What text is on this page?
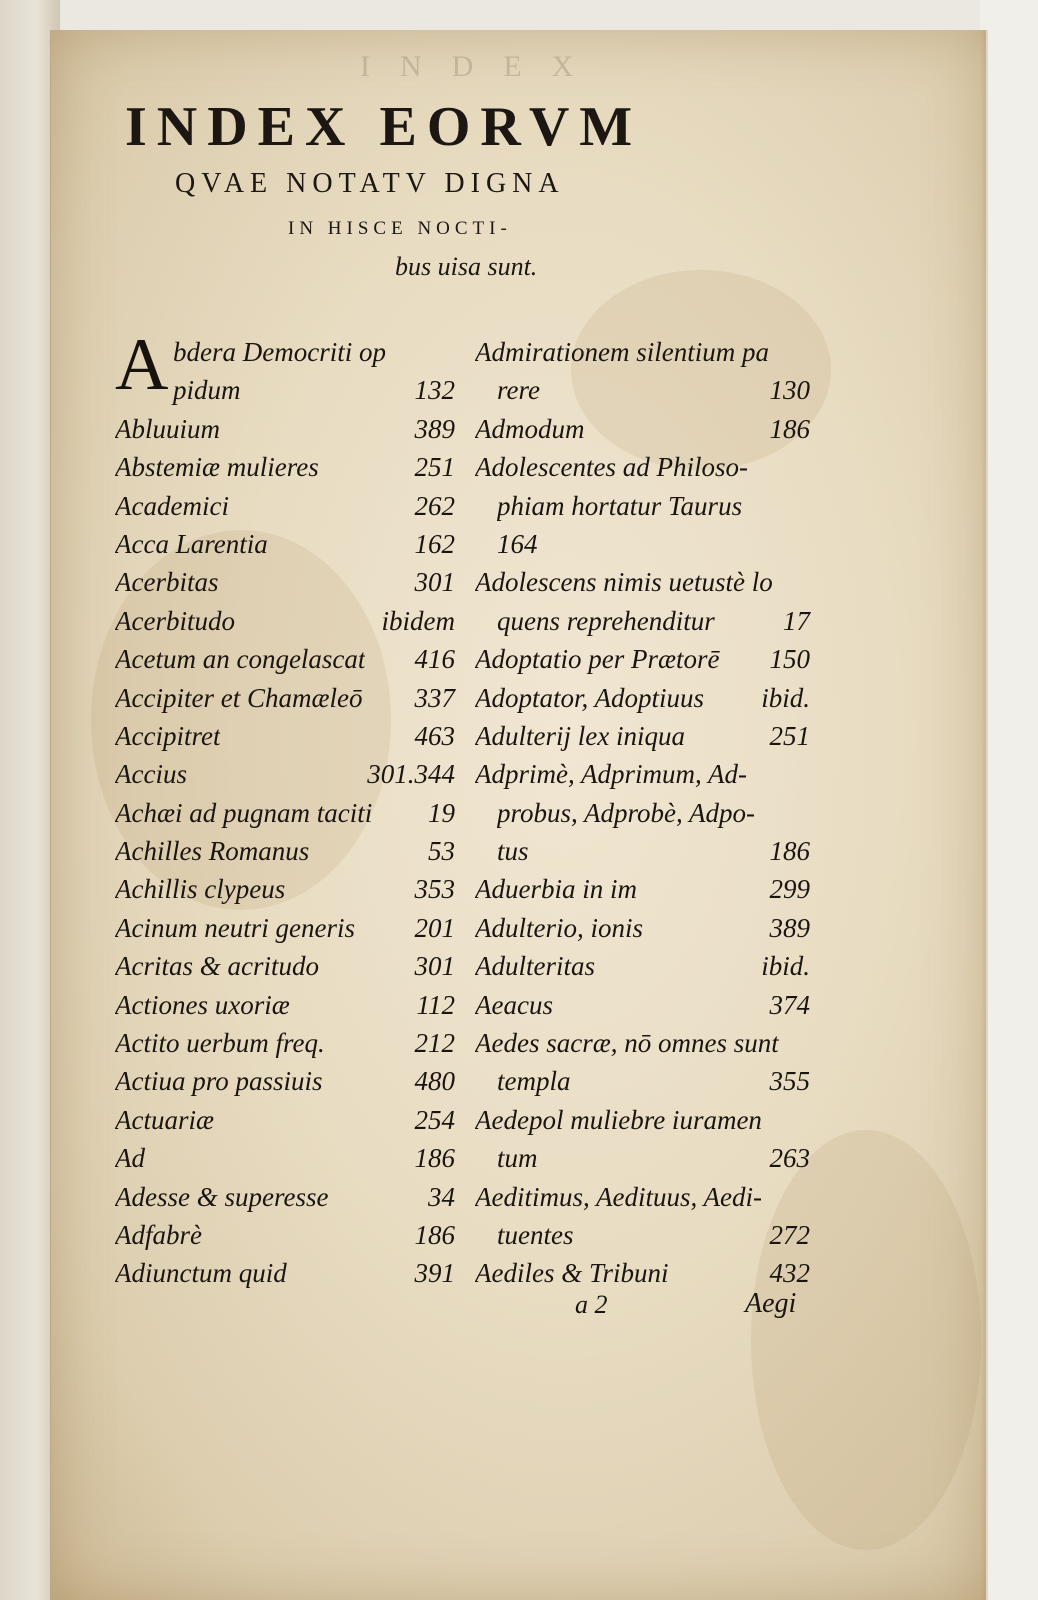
INDEX
INDEX EORVM
QVAE NOTATV DIGNA
IN HISCE NOCTI-
bus uisa sunt.
A bdera Democriti op
pidum	132
Abluuium	389
Abstemiæ mulieres	251
Academici	262
Acca Larentia	162
Acerbitas	301
Acerbitudo	ibidem
Acetum an congelascat 416
Accipiter et Chamæleō 337
Accipitret	463
Accius	301.344
Achæi ad pugnam taciti 19
Achilles Romanus	53
Achillis clypeus	353
Acinum neutri generis 201
Acritas & acritudo	301
Actiones uxoriæ	112
Actito uerbum freq.	212
Actiua pro passiuis	480
Actuariæ	254
Ad	186
Adesse & superesse	34
Adfabrè	186
Adiunctum quid	391
Admirationem silentium pa
rere	130
Admodum	186
Adolescentes ad Philoso-
phiam hortatur Taurus
164
Adolescens nimis uetustè lo
quens reprehenditur	17
Adoptatio per Prætorē 150
Adoptator, Adoptiuus ibid.
Adulterij lex iniqua	251
Adprimè, Adprimum, Ad-
probus, Adprobè, Adpo-
tus	186
Aduerbia in im	299
Adulterio, ionis	389
Adulteritas	ibid.
Aeacus	374
Aedes sacræ, nō omnes sunt
templa	355
Aedepol muliebre iuramen
tum	263
Aeditimus, Aedituus, Aedi-
tuentes	272
Aediles & Tribuni	432
a 2	Aegi
